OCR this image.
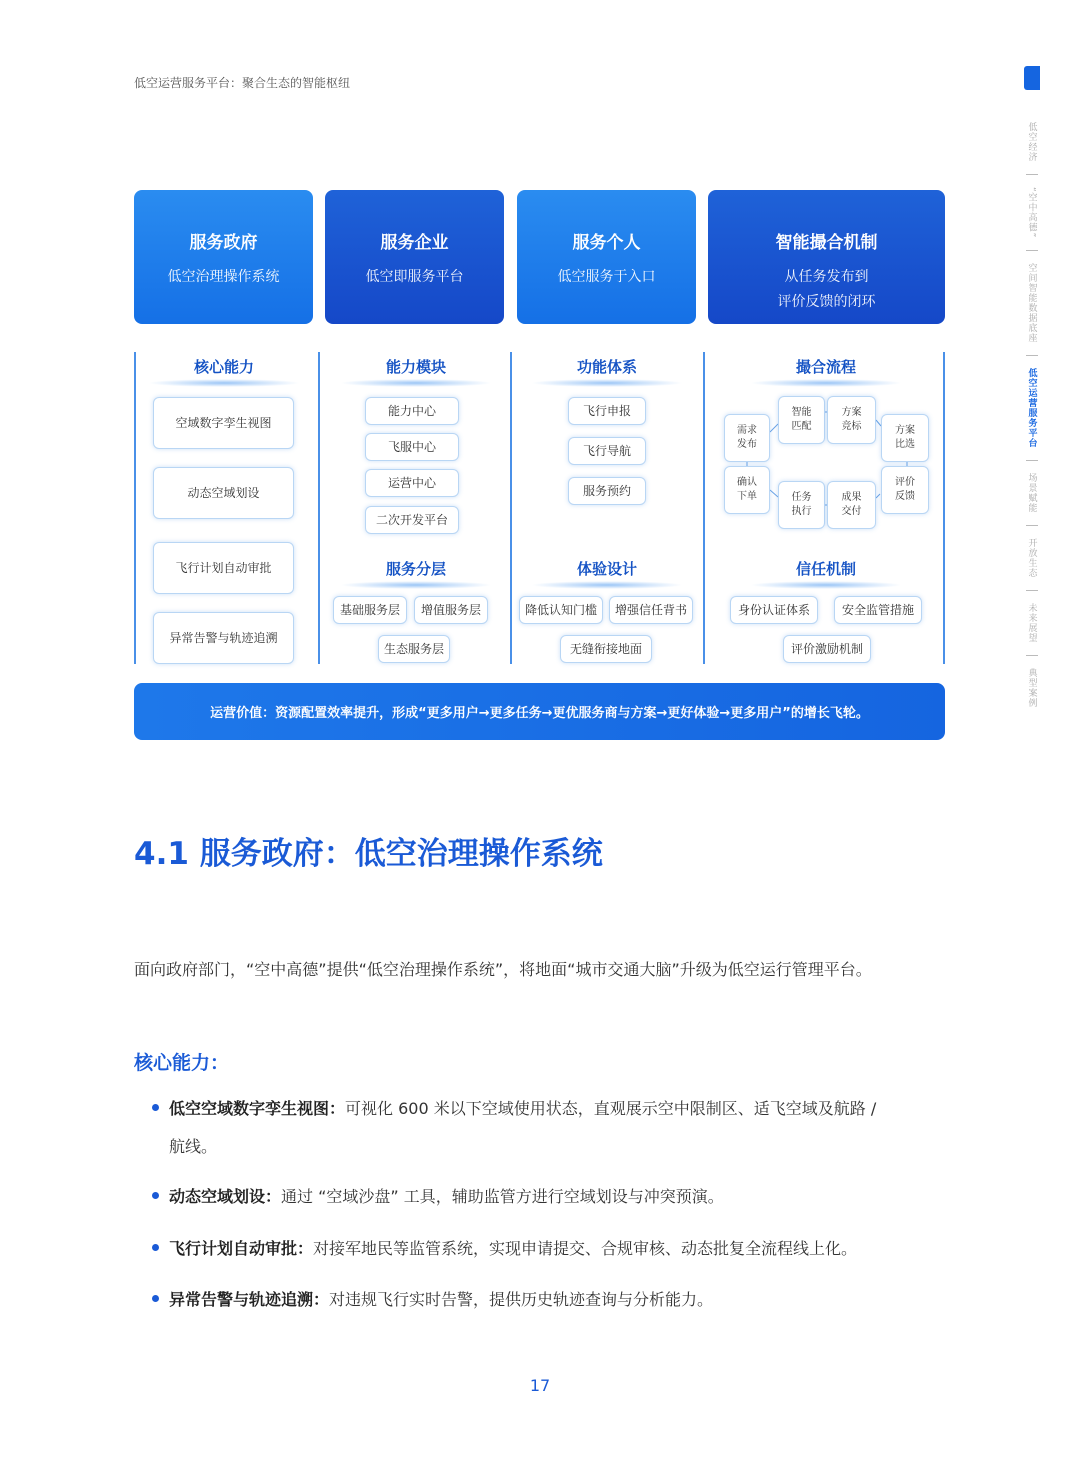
低空运营服务平台：聚合生态的智能枢纽
低空经济
“空中高德”
空间智能数据底座
低空运营服务平台
场景赋能
开放生态
未来展望
典型案例
服务政府
低空治理操作系统
服务企业
低空即服务平台
服务个人
低空服务于入口
智能撮合机制
从任务发布到
评价反馈的闭环
核心能力
空域数字孪生视图
动态空域划设
飞行计划自动审批
异常告警与轨迹追溯
能力模块
能力中心
飞服中心
运营中心
二次开发平台
服务分层
基础服务层	增值服务层
生态服务层
功能体系
飞行申报
飞行导航
服务预约
体验设计
降低认知门槛	增强信任背书
无缝衔接地面
撮合流程
需求
发布
智能
匹配
方案
竞标	方案
比选
确认
下单	任务
执行
成果
交付
评价
反馈
信任机制
身份认证体系	安全监管措施
评价激励机制
运营价值：资源配置效率提升，形成“更多用户→更多任务→更优服务商与方案→更好体验→更多用户”的增长飞轮。
4.1 服务政府：低空治理操作系统
面向政府部门，“空中高德”提供“低空治理操作系统”，将地面“城市交通大脑”升级为低空运行管理平台。
核心能力：
低空空域数字孪生视图：可视化 600 米以下空域使用状态，直观展示空中限制区、适飞空域及航路 /
航线。
动态空域划设：通过 “空域沙盘” 工具，辅助监管方进行空域划设与冲突预演。
飞行计划自动审批：对接军地民等监管系统，实现申请提交、合规审核、动态批复全流程线上化。
异常告警与轨迹追溯：对违规飞行实时告警，提供历史轨迹查询与分析能力。
17
